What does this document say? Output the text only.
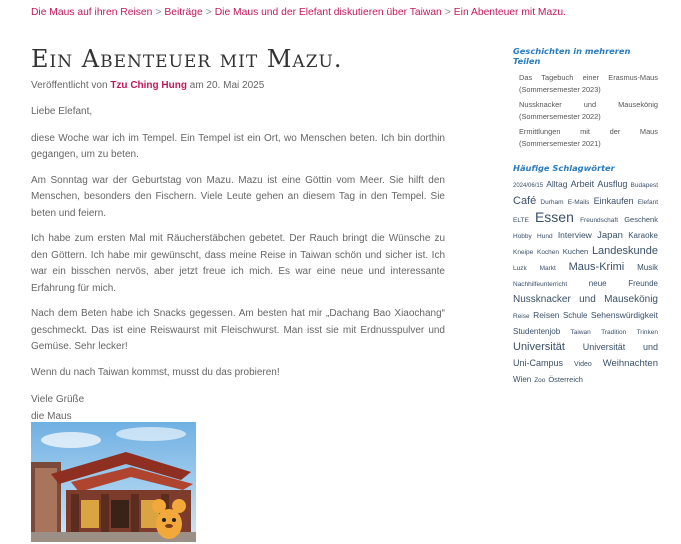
Die Maus auf ihren Reisen > Beiträge > Die Maus und der Elefant diskutieren über Taiwan > Ein Abenteuer mit Mazu.
Ein Abenteuer mit Mazu.
Veröffentlicht von Tzu Ching Hung am 20. Mai 2025

Liebe Elefant,

diese Woche war ich im Tempel. Ein Tempel ist ein Ort, wo Menschen beten. Ich bin dorthin gegangen, um zu beten.

Am Sonntag war der Geburtstag von Mazu. Mazu ist eine Göttin vom Meer. Sie hilft den Menschen, besonders den Fischern. Viele Leute gehen an diesem Tag in den Tempel. Sie beten und feiern.

Ich habe zum ersten Mal mit Räucherstäbchen gebetet. Der Rauch bringt die Wünsche zu den Göttern. Ich habe mir gewünscht, dass meine Reise in Taiwan schön und sicher ist. Ich war ein bisschen nervös, aber jetzt freue ich mich. Es war eine neue und interessante Erfahrung für mich.

Nach dem Beten habe ich Snacks gegessen. Am besten hat mir „Dachang Bao Xiaochang“ geschmeckt. Das ist eine Reiswaurst mit Fleischwurst. Man isst sie mit Erdnusspulver und Gemüse. Sehr lecker!

Wenn du nach Taiwan kommst, musst du das probieren!

Viele Grüße
die Maus
Geschichten in mehreren Teilen
Das Tagebuch einer Erasmus-Maus (Sommersemester 2023)
Nussknacker und Mausekönig (Sommersemester 2022)
Ermittlungen mit der Maus (Sommersemester 2021)
Häufige Schlagwörter
2024/06/15 Alltag Arbeit Ausflug Budapest Café Durham E-Mails Einkaufen Elefant ELTE Essen Freundschaft Geschenk Hobby Hund Interview Japan Karaoke Kneipe Kochen Kuchen Landeskunde Luzk Markt Maus-Krimi Musik Nachhilfeunterricht	neue	Freunde Nussknacker und Mausekönig Reise Reisen Schule Sehenswürdigkeit Studentenjob Taiwan Tradition Trinken Universität Universität und Uni-Campus Video Weihnachten Wien Zoo Österreich
